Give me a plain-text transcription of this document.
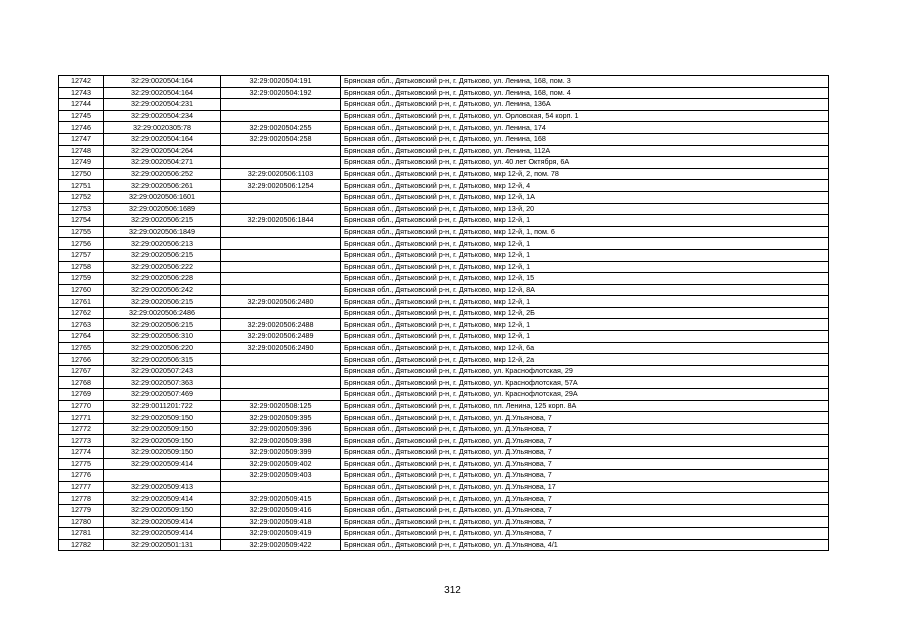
12742	32:29:0020504:164	32:29:0020504:191	Брянская обл., Дятьковский р-н, г. Дятьково, ул. Ленина, 168, пом. 3
12743	32:29:0020504:164	32:29:0020504:192	Брянская обл., Дятьковский р-н, г. Дятьково, ул. Ленина, 168, пом. 4
12744	32:29:0020504:231		Брянская обл., Дятьковский р-н, г. Дятьково, ул. Ленина, 136А
12745	32:29:0020504:234		Брянская обл., Дятьковский р-н, г. Дятьково, ул. Орловская, 54 корп. 1
12746	32:29:0020305:78	32:29:0020504:255	Брянская обл., Дятьковский р-н, г. Дятьково, ул. Ленина, 174
12747	32:29:0020504:164	32:29:0020504:258	Брянская обл., Дятьковский р-н, г. Дятьково, ул. Ленина, 168
12748	32:29:0020504:264		Брянская обл., Дятьковский р-н, г. Дятьково, ул. Ленина, 112А
12749	32:29:0020504:271		Брянская обл., Дятьковский р-н, г. Дятьково, ул. 40 лет Октября, 6А
12750	32:29:0020506:252	32:29:0020506:1103	Брянская обл., Дятьковский р-н, г. Дятьково, мкр 12-й, 2, пом. 78
12751	32:29:0020506:261	32:29:0020506:1254	Брянская обл., Дятьковский р-н, г. Дятьково, мкр 12-й, 4
12752	32:29:0020506:1601		Брянская обл., Дятьковский р-н, г. Дятьково, мкр 12-й, 1А
12753	32:29:0020506:1689		Брянская обл., Дятьковский р-н, г. Дятьково, мкр 13-й, 20
12754	32:29:0020506:215	32:29:0020506:1844	Брянская обл., Дятьковский р-н, г. Дятьково, мкр 12-й, 1
12755	32:29:0020506:1849		Брянская обл., Дятьковский р-н, г. Дятьково, мкр 12-й, 1, пом. 6
12756	32:29:0020506:213		Брянская обл., Дятьковский р-н, г. Дятьково, мкр 12-й, 1
12757	32:29:0020506:215		Брянская обл., Дятьковский р-н, г. Дятьково, мкр 12-й, 1
12758	32:29:0020506:222		Брянская обл., Дятьковский р-н, г. Дятьково, мкр 12-й, 1
12759	32:29:0020506:228		Брянская обл., Дятьковский р-н, г. Дятьково, мкр 12-й, 15
12760	32:29:0020506:242		Брянская обл., Дятьковский р-н, г. Дятьково, мкр 12-й, 8А
12761	32:29:0020506:215	32:29:0020506:2480	Брянская обл., Дятьковский р-н, г. Дятьково, мкр 12-й, 1
12762	32:29:0020506:2486		Брянская обл., Дятьковский р-н, г. Дятьково, мкр 12-й, 2Б
12763	32:29:0020506:215	32:29:0020506:2488	Брянская обл., Дятьковский р-н, г. Дятьково, мкр 12-й, 1
12764	32:29:0020506:310	32:29:0020506:2489	Брянская обл., Дятьковский р-н, г. Дятьково, мкр 12-й, 1
12765	32:29:0020506:220	32:29:0020506:2490	Брянская обл., Дятьковский р-н, г. Дятьково, мкр 12-й, 6а
12766	32:29:0020506:315		Брянская обл., Дятьковский р-н, г. Дятьково, мкр 12-й, 2а
12767	32:29:0020507:243		Брянская обл., Дятьковский р-н, г. Дятьково, ул. Краснофлотская, 29
12768	32:29:0020507:363		Брянская обл., Дятьковский р-н, г. Дятьково, ул. Краснофлотская, 57А
12769	32:29:0020507:469		Брянская обл., Дятьковский р-н, г. Дятьково, ул. Краснофлотская, 29А
12770	32:29:0011201:722	32:29:0020508:125	Брянская обл., Дятьковский р-н, г. Дятьково, пл. Ленина, 125 корп. 8А
12771	32:29:0020509:150	32:29:0020509:395	Брянская обл., Дятьковский р-н, г. Дятьково, ул. Д.Ульянова, 7
12772	32:29:0020509:150	32:29:0020509:396	Брянская обл., Дятьковский р-н, г. Дятьково, ул. Д.Ульянова, 7
12773	32:29:0020509:150	32:29:0020509:398	Брянская обл., Дятьковский р-н, г. Дятьково, ул. Д.Ульянова, 7
12774	32:29:0020509:150	32:29:0020509:399	Брянская обл., Дятьковский р-н, г. Дятьково, ул. Д.Ульянова, 7
12775	32:29:0020509:414	32:29:0020509:402	Брянская обл., Дятьковский р-н, г. Дятьково, ул. Д.Ульянова, 7
12776		32:29:0020509:403	Брянская обл., Дятьковский р-н, г. Дятьково, ул. Д.Ульянова, 7
12777	32:29:0020509:413		Брянская обл., Дятьковский р-н, г. Дятьково, ул. Д.Ульянова, 17
12778	32:29:0020509:414	32:29:0020509:415	Брянская обл., Дятьковский р-н, г. Дятьково, ул. Д.Ульянова, 7
12779	32:29:0020509:150	32:29:0020509:416	Брянская обл., Дятьковский р-н, г. Дятьково, ул. Д.Ульянова, 7
12780	32:29:0020509:414	32:29:0020509:418	Брянская обл., Дятьковский р-н, г. Дятьково, ул. Д.Ульянова, 7
12781	32:29:0020509:414	32:29:0020509:419	Брянская обл., Дятьковский р-н, г. Дятьково, ул. Д.Ульянова, 7
12782	32:29:0020501:131	32:29:0020509:422	Брянская обл., Дятьковский р-н, г. Дятьково, ул. Д.Ульянова, 4/1
312
